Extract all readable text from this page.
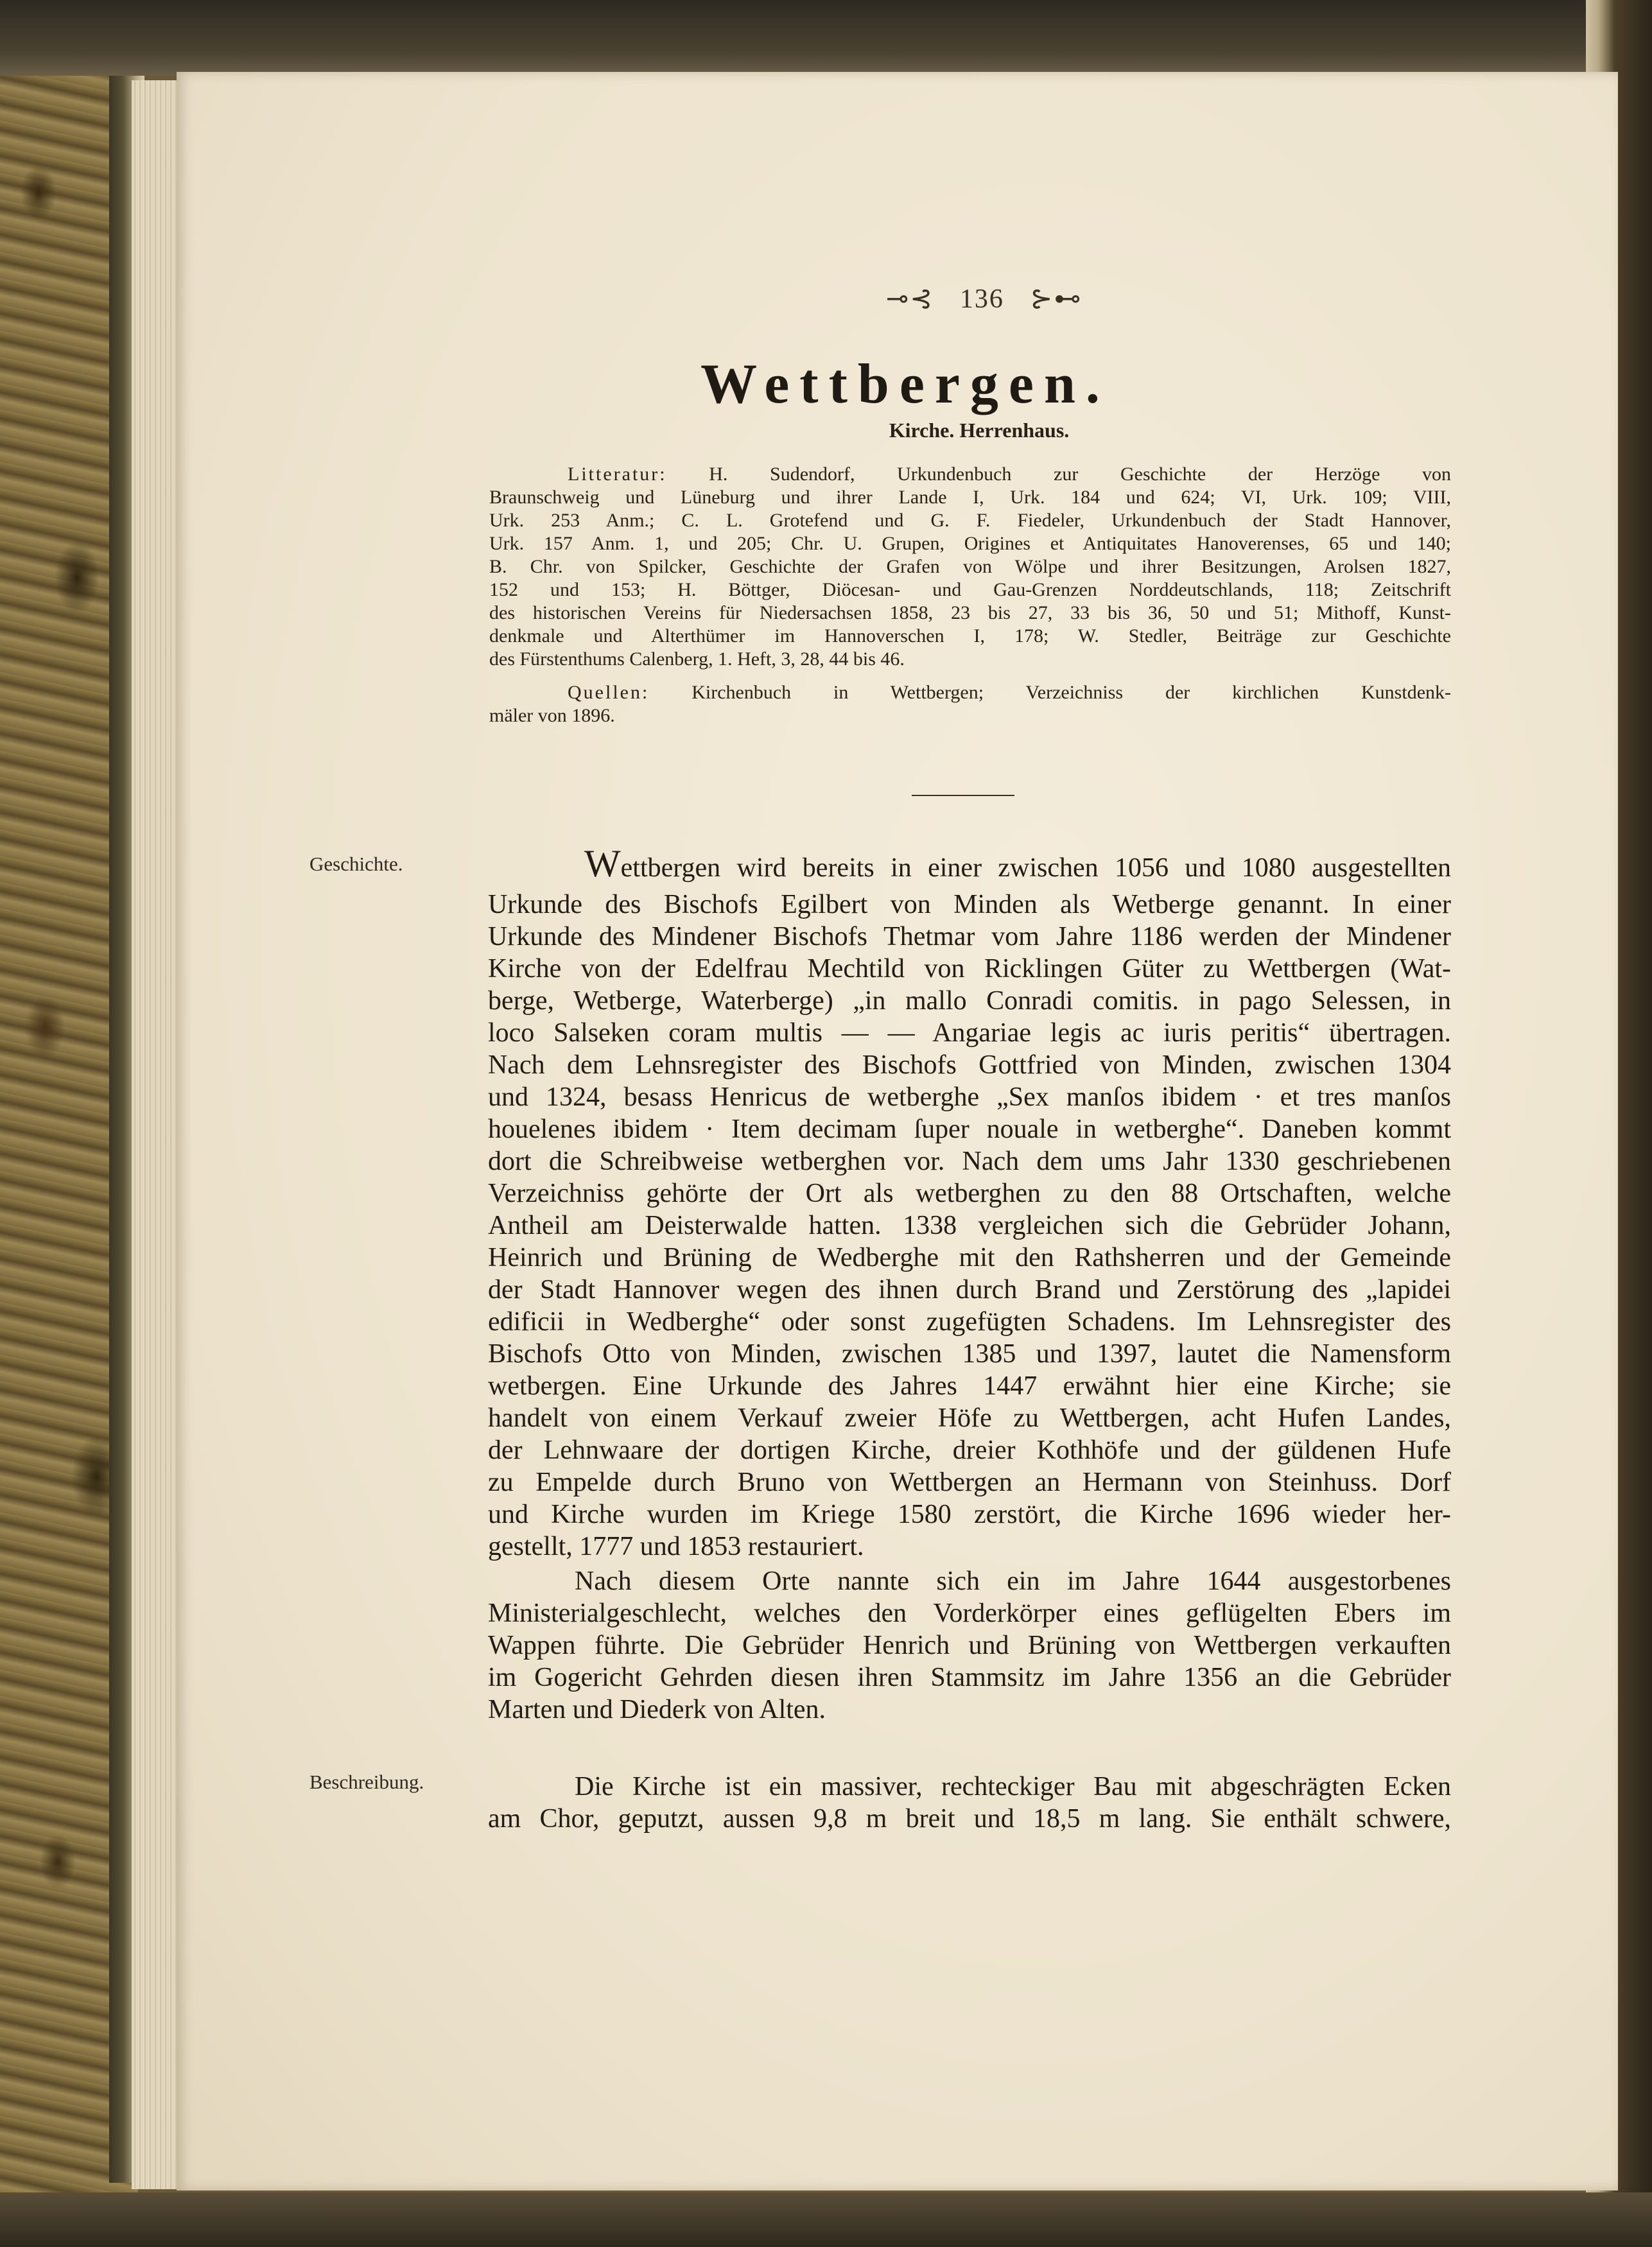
⊸⊰ 136 ⊱⊷
Wettbergen.
Kirche. Herrenhaus.
Litteratur: H. Sudendorf, Urkundenbuch zur Geschichte der Herzöge von
Braunschweig und Lüneburg und ihrer Lande I, Urk. 184 und 624; VI, Urk. 109; VIII,
Urk. 253 Anm.; C. L. Grotefend und G. F. Fiedeler, Urkundenbuch der Stadt Hannover,
Urk. 157 Anm. 1, und 205; Chr. U. Grupen, Origines et Antiquitates Hanoverenses, 65 und 140;
B. Chr. von Spilcker, Geschichte der Grafen von Wölpe und ihrer Besitzungen, Arolsen 1827,
152 und 153; H. Böttger, Diöcesan- und Gau-Grenzen Norddeutschlands, 118; Zeitschrift
des historischen Vereins für Niedersachsen 1858, 23 bis 27, 33 bis 36, 50 und 51; Mithoff, Kunst-
denkmale und Alterthümer im Hannoverschen I, 178; W. Stedler, Beiträge zur Geschichte
des Fürstenthums Calenberg, 1. Heft, 3, 28, 44 bis 46.
Quellen: Kirchenbuch in Wettbergen; Verzeichniss der kirchlichen Kunstdenk-
mäler von 1896.
Geschichte.
Beschreibung.
Wettbergen wird bereits in einer zwischen 1056 und 1080 ausgestellten
Urkunde des Bischofs Egilbert von Minden als Wetberge genannt. In einer
Urkunde des Mindener Bischofs Thetmar vom Jahre 1186 werden der Mindener
Kirche von der Edelfrau Mechtild von Ricklingen Güter zu Wettbergen (Wat-
berge, Wetberge, Waterberge) „in mallo Conradi comitis. in pago Selessen, in
loco Salseken coram multis — — Angariae legis ac iuris peritis“ übertragen.
Nach dem Lehnsregister des Bischofs Gottfried von Minden, zwischen 1304
und 1324, besass Henricus de wetberghe „Sex manſos ibidem · et tres manſos
houelenes ibidem · Item decimam ſuper nouale in wetberghe“. Daneben kommt
dort die Schreibweise wetberghen vor. Nach dem ums Jahr 1330 geschriebenen
Verzeichniss gehörte der Ort als wetberghen zu den 88 Ortschaften, welche
Antheil am Deisterwalde hatten. 1338 vergleichen sich die Gebrüder Johann,
Heinrich und Brüning de Wedberghe mit den Rathsherren und der Gemeinde
der Stadt Hannover wegen des ihnen durch Brand und Zerstörung des „lapidei
edificii in Wedberghe“ oder sonst zugefügten Schadens. Im Lehnsregister des
Bischofs Otto von Minden, zwischen 1385 und 1397, lautet die Namensform
wetbergen. Eine Urkunde des Jahres 1447 erwähnt hier eine Kirche; sie
handelt von einem Verkauf zweier Höfe zu Wettbergen, acht Hufen Landes,
der Lehnwaare der dortigen Kirche, dreier Kothhöfe und der güldenen Hufe
zu Empelde durch Bruno von Wettbergen an Hermann von Steinhuss. Dorf
und Kirche wurden im Kriege 1580 zerstört, die Kirche 1696 wieder her-
gestellt, 1777 und 1853 restauriert.
Nach diesem Orte nannte sich ein im Jahre 1644 ausgestorbenes
Ministerialgeschlecht, welches den Vorderkörper eines geflügelten Ebers im
Wappen führte. Die Gebrüder Henrich und Brüning von Wettbergen verkauften
im Gogericht Gehrden diesen ihren Stammsitz im Jahre 1356 an die Gebrüder
Marten und Diederk von Alten.
Die Kirche ist ein massiver, rechteckiger Bau mit abgeschrägten Ecken
am Chor, geputzt, aussen 9,8 m breit und 18,5 m lang. Sie enthält schwere,
